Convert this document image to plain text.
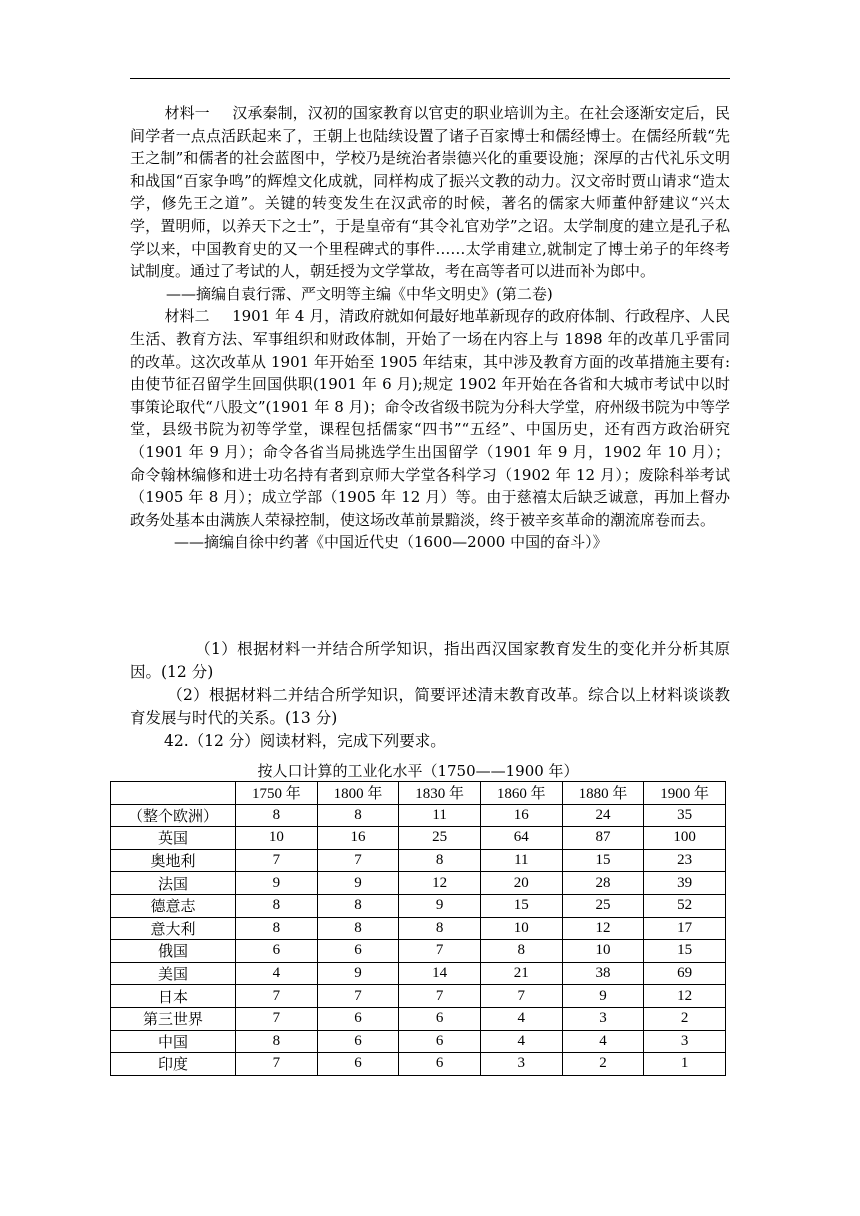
材料一   汉承秦制，汉初的国家教育以官吏的职业培训为主。在社会逐渐安定后，民间学者一点点活跃起来了，王朝上也陆续设置了诸子百家博士和儒经博士。在儒经所载“先王之制”和儒者的社会蓝图中，学校乃是统治者崇德兴化的重要设施；深厚的古代礼乐文明和战国“百家争鸣”的辉煌文化成就，同样构成了振兴文教的动力。汉文帝时贾山请求“造太学，修先王之道”。关键的转变发生在汉武帝的时候，著名的儒家大师董仲舒建议“兴太学，置明师，以养天下之士”，于是皇帝有“其令礼官劝学”之诏。太学制度的建立是孔子私学以来，中国教育史的又一个里程碑式的事件……太学甫建立,就制定了博士弟子的年终考试制度。通过了考试的人，朝廷授为文学掌故，考在高等者可以进而补为郎中。

——摘编自袁行霈、严文明等主编《中华文明史》(第二卷)

材料二   1901 年 4 月，清政府就如何最好地革新现存的政府体制、行政程序、人民生活、教育方法、军事组织和财政体制，开始了一场在内容上与 1898 年的改革几乎雷同的改革。这次改革从 1901 年开始至 1905 年结束，其中涉及教育方面的改革措施主要有:由使节征召留学生回国供职(1901 年 6 月);规定 1902 年开始在各省和大城市考试中以时事策论取代“八股文”(1901 年 8 月)；命令改省级书院为分科大学堂，府州级书院为中等学堂，县级书院为初等学堂，课程包括儒家“四书”“五经”、中国历史，还有西方政治研究（1901 年 9 月）；命令各省当局挑选学生出国留学（1901 年 9 月，1902 年 10 月）；命令翰林编修和进士功名持有者到京师大学堂各科学习（1902 年 12 月）；废除科举考试（1905 年 8 月）；成立学部（1905 年 12 月）等。由于慈禧太后缺乏诚意，再加上督办政务处基本由满族人荣禄控制，使这场改革前景黯淡，终于被辛亥革命的潮流席卷而去。

——摘编自徐中约著《中国近代史（1600—2000 中国的奋斗）》

（1）根据材料一并结合所学知识，指出西汉国家教育发生的变化并分析其原因。(12 分)

（2）根据材料二并结合所学知识，简要评述清末教育改革。综合以上材料谈谈教育发展与时代的关系。(13 分)

42.（12 分）阅读材料，完成下列要求。

按人口计算的工业化水平（1750——1900 年）
	1750 年	1800 年	1830 年	1860 年	1880 年	1900 年
（整个欧洲）	8	8	11	16	24	35
英国	10	16	25	64	87	100
奥地利	7	7	8	11	15	23
法国	9	9	12	20	28	39
德意志	8	8	9	15	25	52
意大利	8	8	8	10	12	17
俄国	6	6	7	8	10	15
美国	4	9	14	21	38	69
日本	7	7	7	7	9	12
第三世界	7	6	6	4	3	2
中国	8	6	6	4	4	3
印度	7	6	6	3	2	1
